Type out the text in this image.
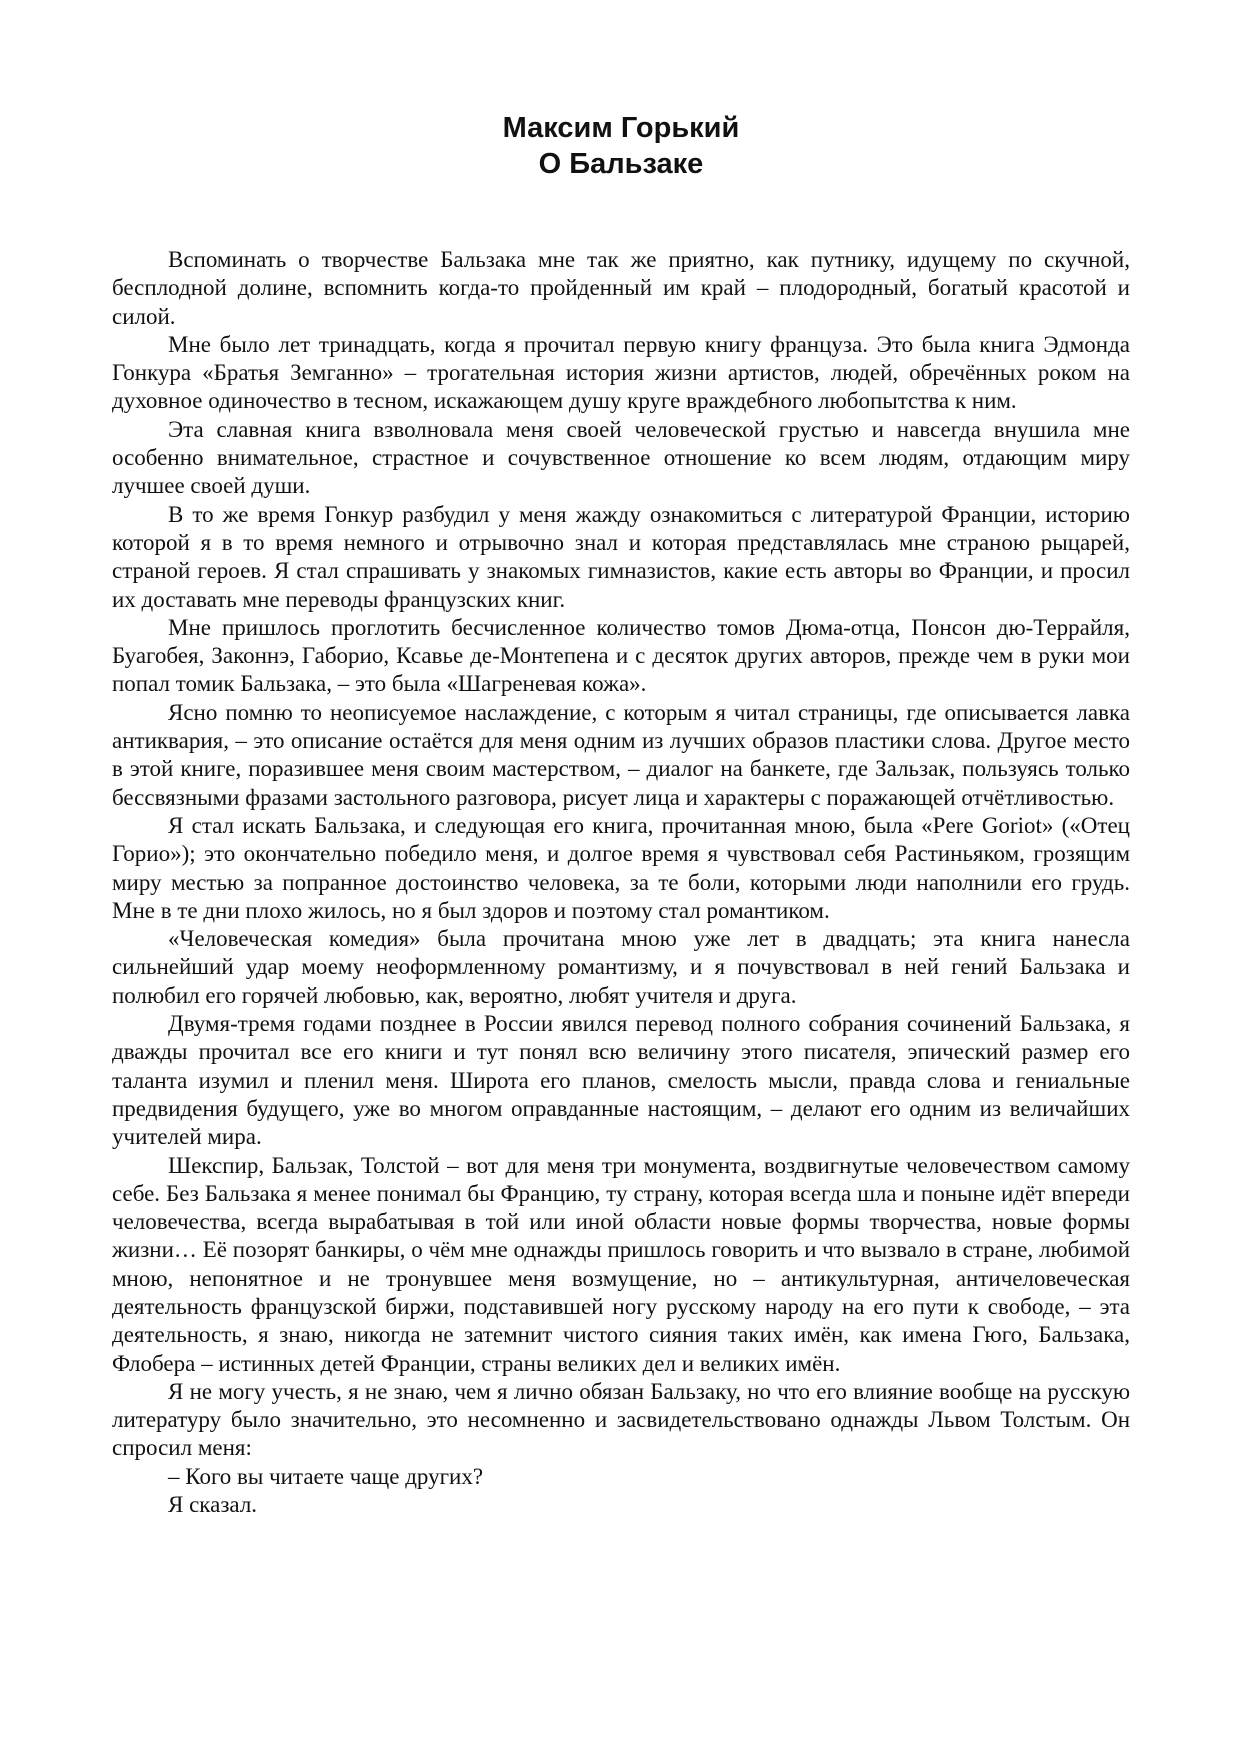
Максим Горький
О Бальзаке

Вспоминать о творчестве Бальзака мне так же приятно, как путнику, идущему по скучной, бесплодной долине, вспомнить когда-то пройденный им край – плодородный, богатый красотой и силой.

Мне было лет тринадцать, когда я прочитал первую книгу француза. Это была книга Эдмонда Гонкура «Братья Земганно» – трогательная история жизни артистов, людей, обречённых роком на духовное одиночество в тесном, искажающем душу круге враждебного любопытства к ним.

Эта славная книга взволновала меня своей человеческой грустью и навсегда внушила мне особенно внимательное, страстное и сочувственное отношение ко всем людям, отдающим миру лучшее своей души.

В то же время Гонкур разбудил у меня жажду ознакомиться с литературой Франции, историю которой я в то время немного и отрывочно знал и которая представлялась мне страною рыцарей, страной героев. Я стал спрашивать у знакомых гимназистов, какие есть авторы во Франции, и просил их доставать мне переводы французских книг.

Мне пришлось проглотить бесчисленное количество томов Дюма-отца, Понсон дю-Террайля, Буагобея, Законнэ, Габорио, Ксавье де-Монтепена и с десяток других авторов, прежде чем в руки мои попал томик Бальзака, – это была «Шагреневая кожа».

Ясно помню то неописуемое наслаждение, с которым я читал страницы, где описывается лавка антиквария, – это описание остаётся для меня одним из лучших образов пластики слова. Другое место в этой книге, поразившее меня своим мастерством, – диалог на банкете, где Зальзак, пользуясь только бессвязными фразами застольного разговора, рисует лица и характеры с поражающей отчётливостью.

Я стал искать Бальзака, и следующая его книга, прочитанная мною, была «Pere Goriot» («Отец Горио»); это окончательно победило меня, и долгое время я чувствовал себя Растиньяком, грозящим миру местью за попранное достоинство человека, за те боли, которыми люди наполнили его грудь. Мне в те дни плохо жилось, но я был здоров и поэтому стал романтиком.

«Человеческая комедия» была прочитана мною уже лет в двадцать; эта книга нанесла сильнейший удар моему неоформленному романтизму, и я почувствовал в ней гений Бальзака и полюбил его горячей любовью, как, вероятно, любят учителя и друга.

Двумя-тремя годами позднее в России явился перевод полного собрания сочинений Бальзака, я дважды прочитал все его книги и тут понял всю величину этого писателя, эпический размер его таланта изумил и пленил меня. Широта его планов, смелость мысли, правда слова и гениальные предвидения будущего, уже во многом оправданные настоящим, – делают его одним из величайших учителей мира.

Шекспир, Бальзак, Толстой – вот для меня три монумента, воздвигнутые человечеством самому себе. Без Бальзака я менее понимал бы Францию, ту страну, которая всегда шла и поныне идёт впереди человечества, всегда вырабатывая в той или иной области новые формы творчества, новые формы жизни… Её позорят банкиры, о чём мне однажды пришлось говорить и что вызвало в стране, любимой мною, непонятное и не тронувшее меня возмущение, но – антикультурная, античеловеческая деятельность французской биржи, подставившей ногу русскому народу на его пути к свободе, – эта деятельность, я знаю, никогда не затемнит чистого сияния таких имён, как имена Гюго, Бальзака, Флобера – истинных детей Франции, страны великих дел и великих имён.

Я не могу учесть, я не знаю, чем я лично обязан Бальзаку, но что его влияние вообще на русскую литературу было значительно, это несомненно и засвидетельствовано однажды Львом Толстым. Он спросил меня:

– Кого вы читаете чаще других?

Я сказал.
